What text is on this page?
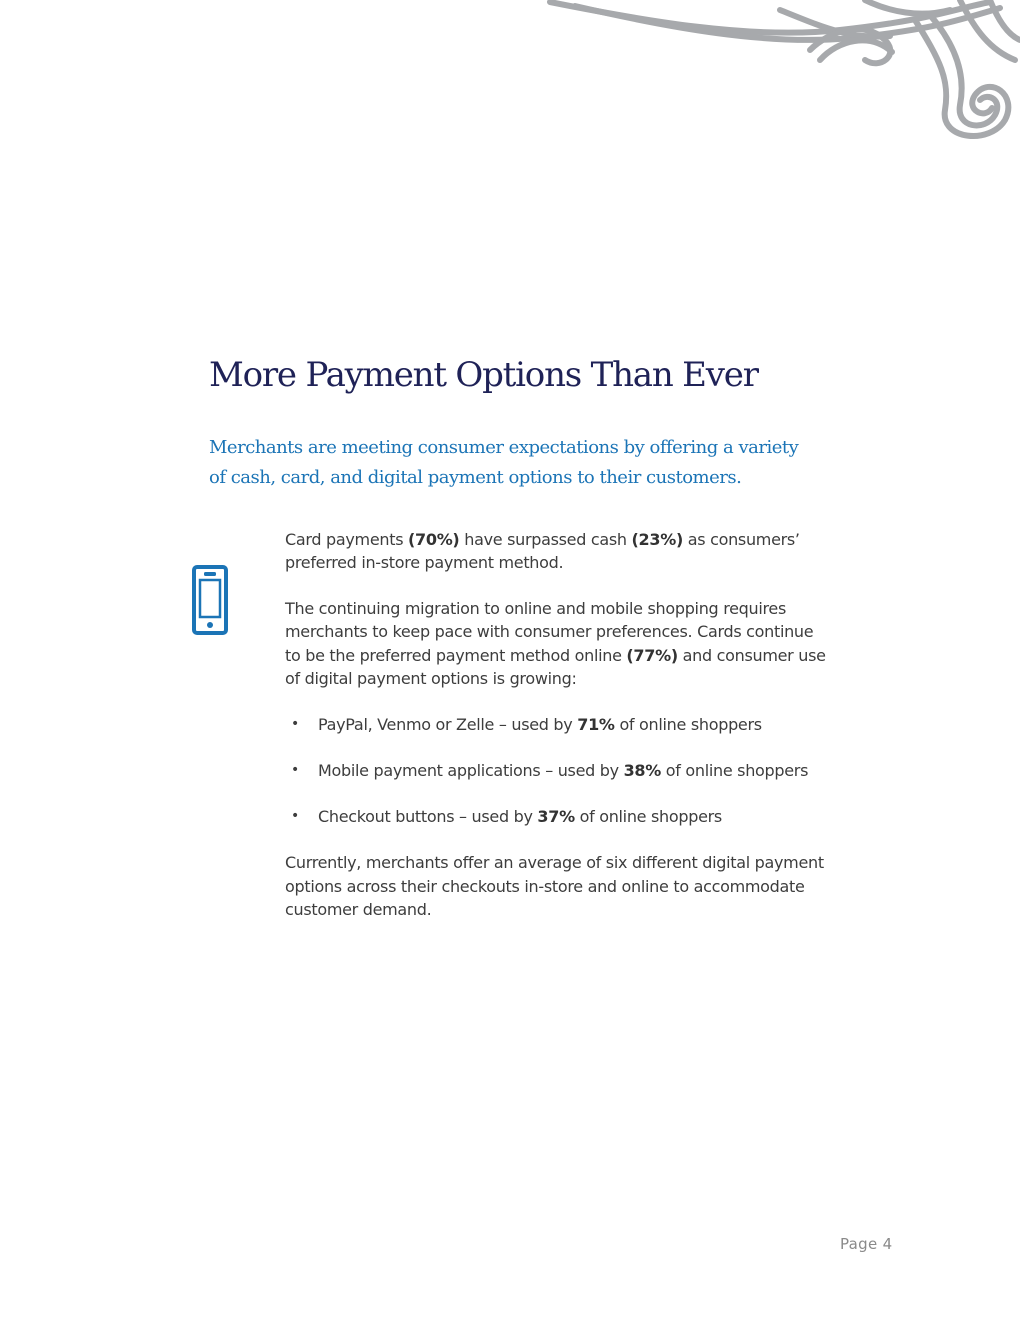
More Payment Options Than Ever
Merchants are meeting consumer expectations by offering a variety
of cash, card, and digital payment options to their customers.

Card payments (70%) have surpassed cash (23%) as consumers’
preferred in-store payment method.

The continuing migration to online and mobile shopping requires
merchants to keep pace with consumer preferences. Cards continue
to be the preferred payment method online (77%) and consumer use
of digital payment options is growing:

• PayPal, Venmo or Zelle – used by 71% of online shoppers
• Mobile payment applications – used by 38% of online shoppers
• Checkout buttons – used by 37% of online shoppers

Currently, merchants offer an average of six different digital payment
options across their checkouts in-store and online to accommodate
customer demand.

Page 4
